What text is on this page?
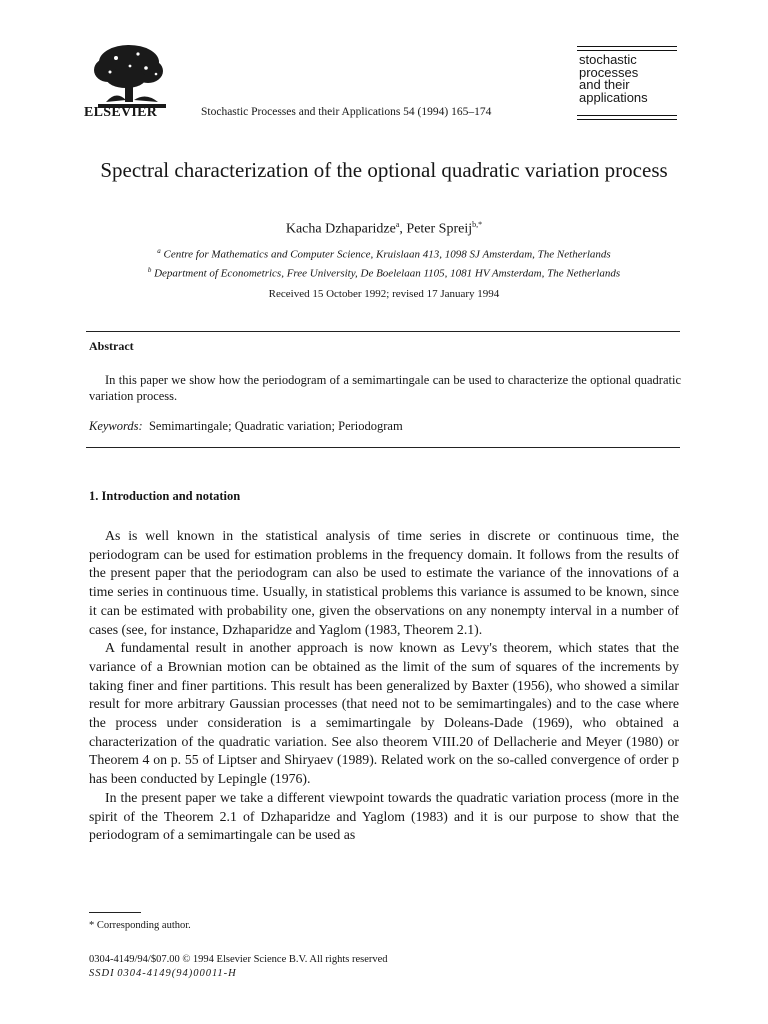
ELSEVIER	Stochastic Processes and their Applications 54 (1994) 165–174
stochastic
processes
and their
applications
Spectral characterization of the optional quadratic variation process
Kacha Dzhaparidze$^a$, Peter Spreij$^{b,*}$
$^a$ Centre for Mathematics and Computer Science, Kruislaan 413, 1098 SJ Amsterdam, The Netherlands
$^b$ Department of Econometrics, Free University, De Boelelaan 1105, 1081 HV Amsterdam, The Netherlands
Received 15 October 1992; revised 17 January 1994
Abstract
In this paper we show how the periodogram of a semimartingale can be used to characterize the optional quadratic variation process.
Keywords: Semimartingale; Quadratic variation; Periodogram
1. Introduction and notation

As is well known in the statistical analysis of time series in discrete or continuous time, the periodogram can be used for estimation problems in the frequency domain. It follows from the results of the present paper that the periodogram can also be used to estimate the variance of the innovations of a time series in continuous time. Usually, in statistical problems this variance is assumed to be known, since it can be estimated with probability one, given the observations on any nonempty interval in a number of cases (see, for instance, Dzhaparidze and Yaglom (1983, Theorem 2.1).

A fundamental result in another approach is now known as Levy's theorem, which states that the variance of a Brownian motion can be obtained as the limit of the sum of squares of the increments by taking finer and finer partitions. This result has been generalized by Baxter (1956), who showed a similar result for more arbitrary Gaussian processes (that need not to be semimartingales) and to the case where the process under consideration is a semimartingale by Doleans-Dade (1969), who obtained a characterization of the quadratic variation. See also theorem VIII.20 of Dellacherie and Meyer (1980) or Theorem 4 on p. 55 of Liptser and Shiryaev (1989). Related work on the so-called convergence of order p has been conducted by Lepingle (1976).

In the present paper we take a different viewpoint towards the quadratic variation process (more in the spirit of the Theorem 2.1 of Dzhaparidze and Yaglom (1983) and it is our purpose to show that the periodogram of a semimartingale can be used as

* Corresponding author.
0304-4149/94/$07.00 © 1994 Elsevier Science B.V. All rights reserved
SSDI 0304-4149(94)00011-H
